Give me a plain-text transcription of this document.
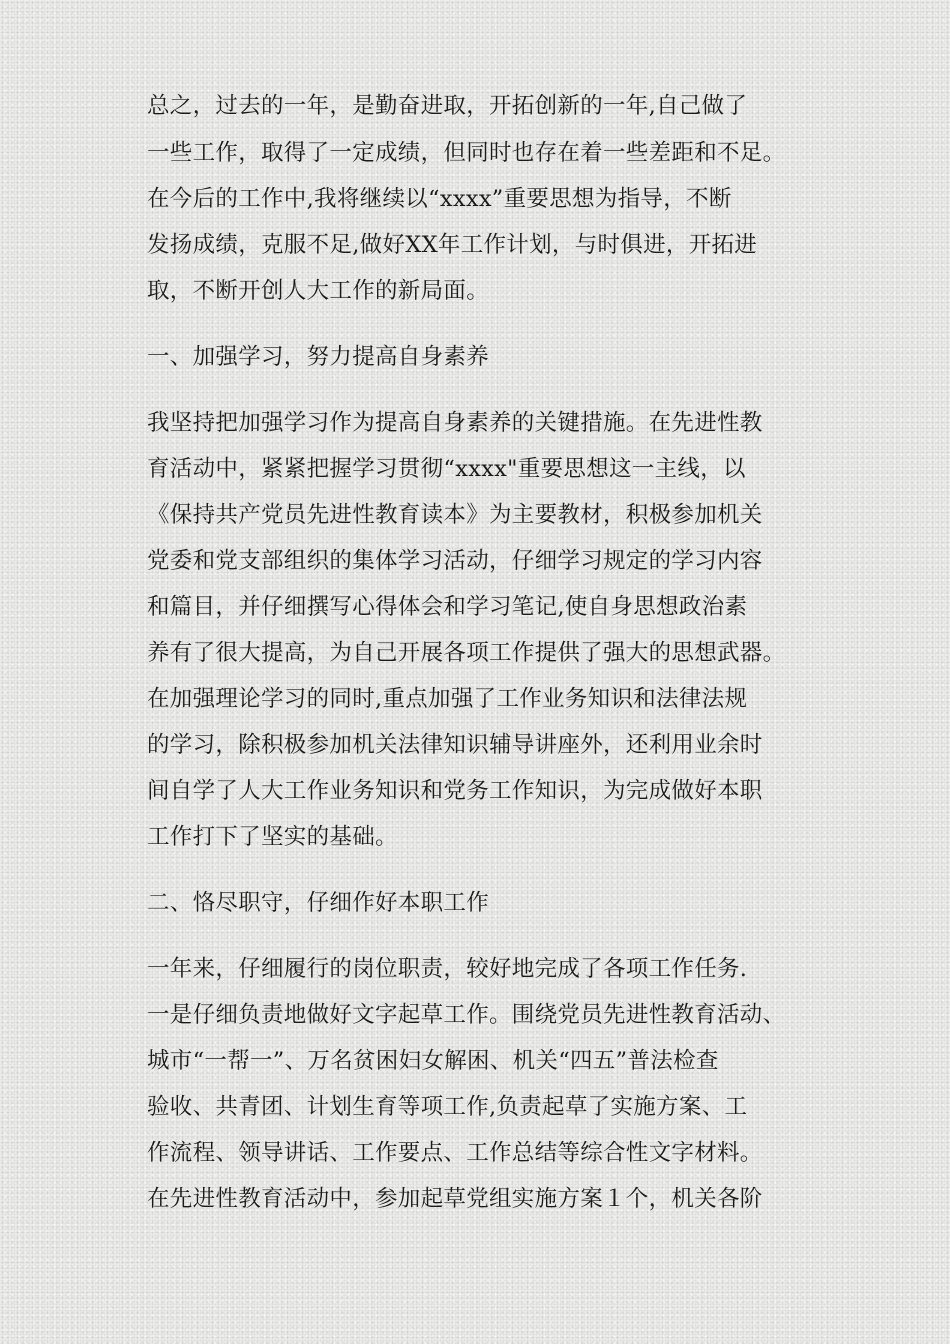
总之，过去的一年，是勤奋进取，开拓创新的一年,自己做了

一些工作，取得了一定成绩，但同时也存在着一些差距和不足。

在今后的工作中,我将继续以“xxxx”重要思想为指导，不断

发扬成绩，克服不足,做好XX年工作计划，与时俱进，开拓进

取，不断开创人大工作的新局面。

一、加强学习，努力提高自身素养

我坚持把加强学习作为提高自身素养的关键措施。在先进性教

育活动中，紧紧把握学习贯彻“xxxx"重要思想这一主线，以

《保持共产党员先进性教育读本》为主要教材，积极参加机关

党委和党支部组织的集体学习活动，仔细学习规定的学习内容

和篇目，并仔细撰写心得体会和学习笔记,使自身思想政治素

养有了很大提高，为自己开展各项工作提供了强大的思想武器。

在加强理论学习的同时,重点加强了工作业务知识和法律法规

的学习，除积极参加机关法律知识辅导讲座外，还利用业余时

间自学了人大工作业务知识和党务工作知识，为完成做好本职

工作打下了坚实的基础。

二、恪尽职守，仔细作好本职工作

一年来，仔细履行的岗位职责，较好地完成了各项工作任务.

一是仔细负责地做好文字起草工作。围绕党员先进性教育活动、

城市“一帮一”、万名贫困妇女解困、机关“四五”普法检查

验收、共青团、计划生育等项工作,负责起草了实施方案、工

作流程、领导讲话、工作要点、工作总结等综合性文字材料。

在先进性教育活动中，参加起草党组实施方案１个，机关各阶
